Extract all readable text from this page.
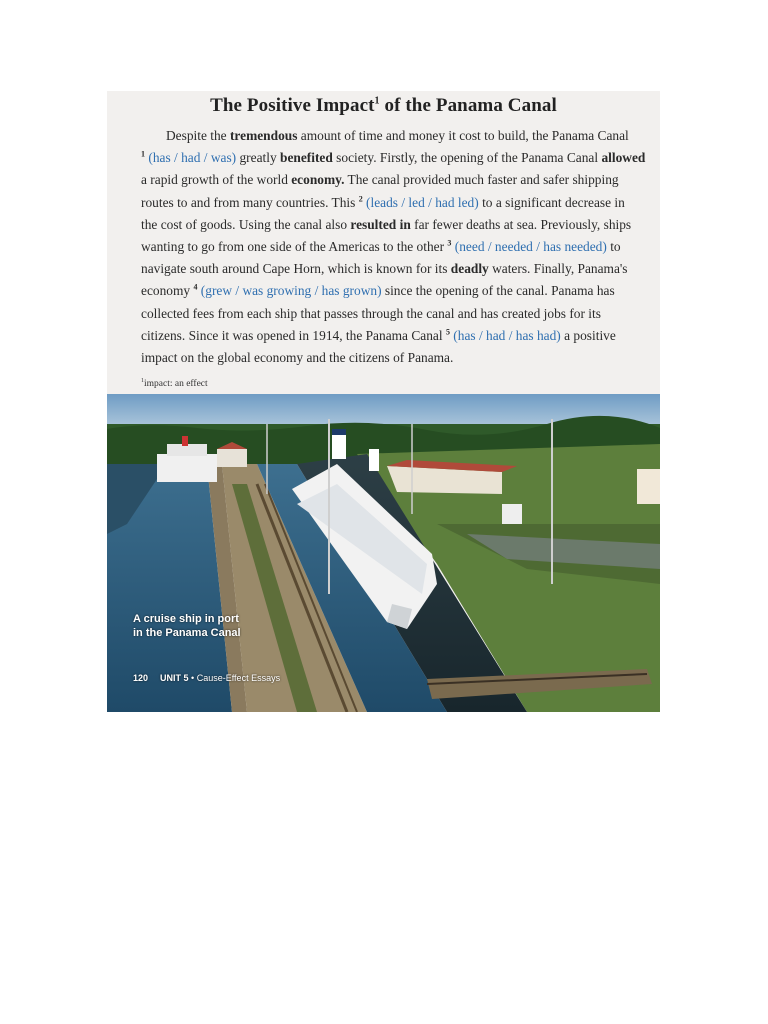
The Positive Impact$^1$ of the Panama Canal
Despite the tremendous amount of time and money it cost to build, the Panama Canal
$^1$ (has / had / was) greatly benefited society. Firstly, the opening of the Panama Canal allowed
a rapid growth of the world economy. The canal provided much faster and safer shipping
routes to and from many countries. This $^2$ (leads / led / had led) to a significant decrease in
the cost of goods. Using the canal also resulted in far fewer deaths at sea. Previously, ships
wanting to go from one side of the Americas to the other $^3$ (need / needed / has needed) to
navigate south around Cape Horn, which is known for its deadly waters. Finally, Panama's
economy $^4$ (grew / was growing / has grown) since the opening of the canal. Panama has
collected fees from each ship that passes through the canal and has created jobs for its
citizens. Since it was opened in 1914, the Panama Canal $^5$ (has / had / has had) a positive
impact on the global economy and the citizens of Panama.
$^1$impact: an effect
A cruise ship in port
in the Panama Canal
120 UNIT 5 • Cause-Effect Essays
